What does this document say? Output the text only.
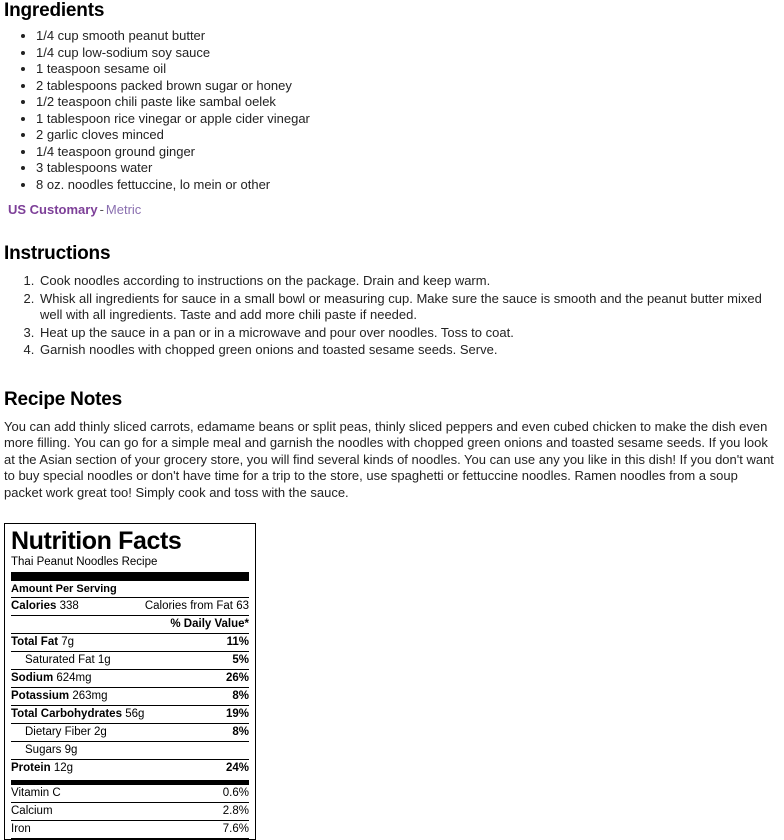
Ingredients
• 1/4 cup smooth peanut butter
• 1/4 cup low-sodium soy sauce
• 1 teaspoon sesame oil
• 2 tablespoons packed brown sugar or honey
• 1/2 teaspoon chili paste like sambal oelek
• 1 tablespoon rice vinegar or apple cider vinegar
• 2 garlic cloves minced
• 1/4 teaspoon ground ginger
• 3 tablespoons water
• 8 oz. noodles fettuccine, lo mein or other
US Customary - Metric
Instructions
1. Cook noodles according to instructions on the package. Drain and keep warm.
2. Whisk all ingredients for sauce in a small bowl or measuring cup. Make sure the sauce is smooth and the peanut butter mixed well with all ingredients. Taste and add more chili paste if needed.
3. Heat up the sauce in a pan or in a microwave and pour over noodles. Toss to coat.
4. Garnish noodles with chopped green onions and toasted sesame seeds. Serve.
Recipe Notes

You can add thinly sliced carrots, edamame beans or split peas, thinly sliced peppers and even cubed chicken to make the dish even more filling. You can go for a simple meal and garnish the noodles with chopped green onions and toasted sesame seeds. If you look at the Asian section of your grocery store, you will find several kinds of noodles. You can use any you like in this dish! If you don't want to buy special noodles or don't have time for a trip to the store, use spaghetti or fettuccine noodles. Ramen noodles from a soup packet work great too! Simply cook and toss with the sauce.

Nutrition Facts
Thai Peanut Noodles Recipe
Amount Per Serving
Calories 338	Calories from Fat 63
% Daily Value*
Total Fat 7g	11%
Saturated Fat 1g	5%
Sodium 624mg	26%
Potassium 263mg	8%
Total Carbohydrates 56g	19%
Dietary Fiber 2g	8%
Sugars 9g
Protein 12g	24%
Vitamin C	0.6%
Calcium	2.8%
Iron	7.6%
